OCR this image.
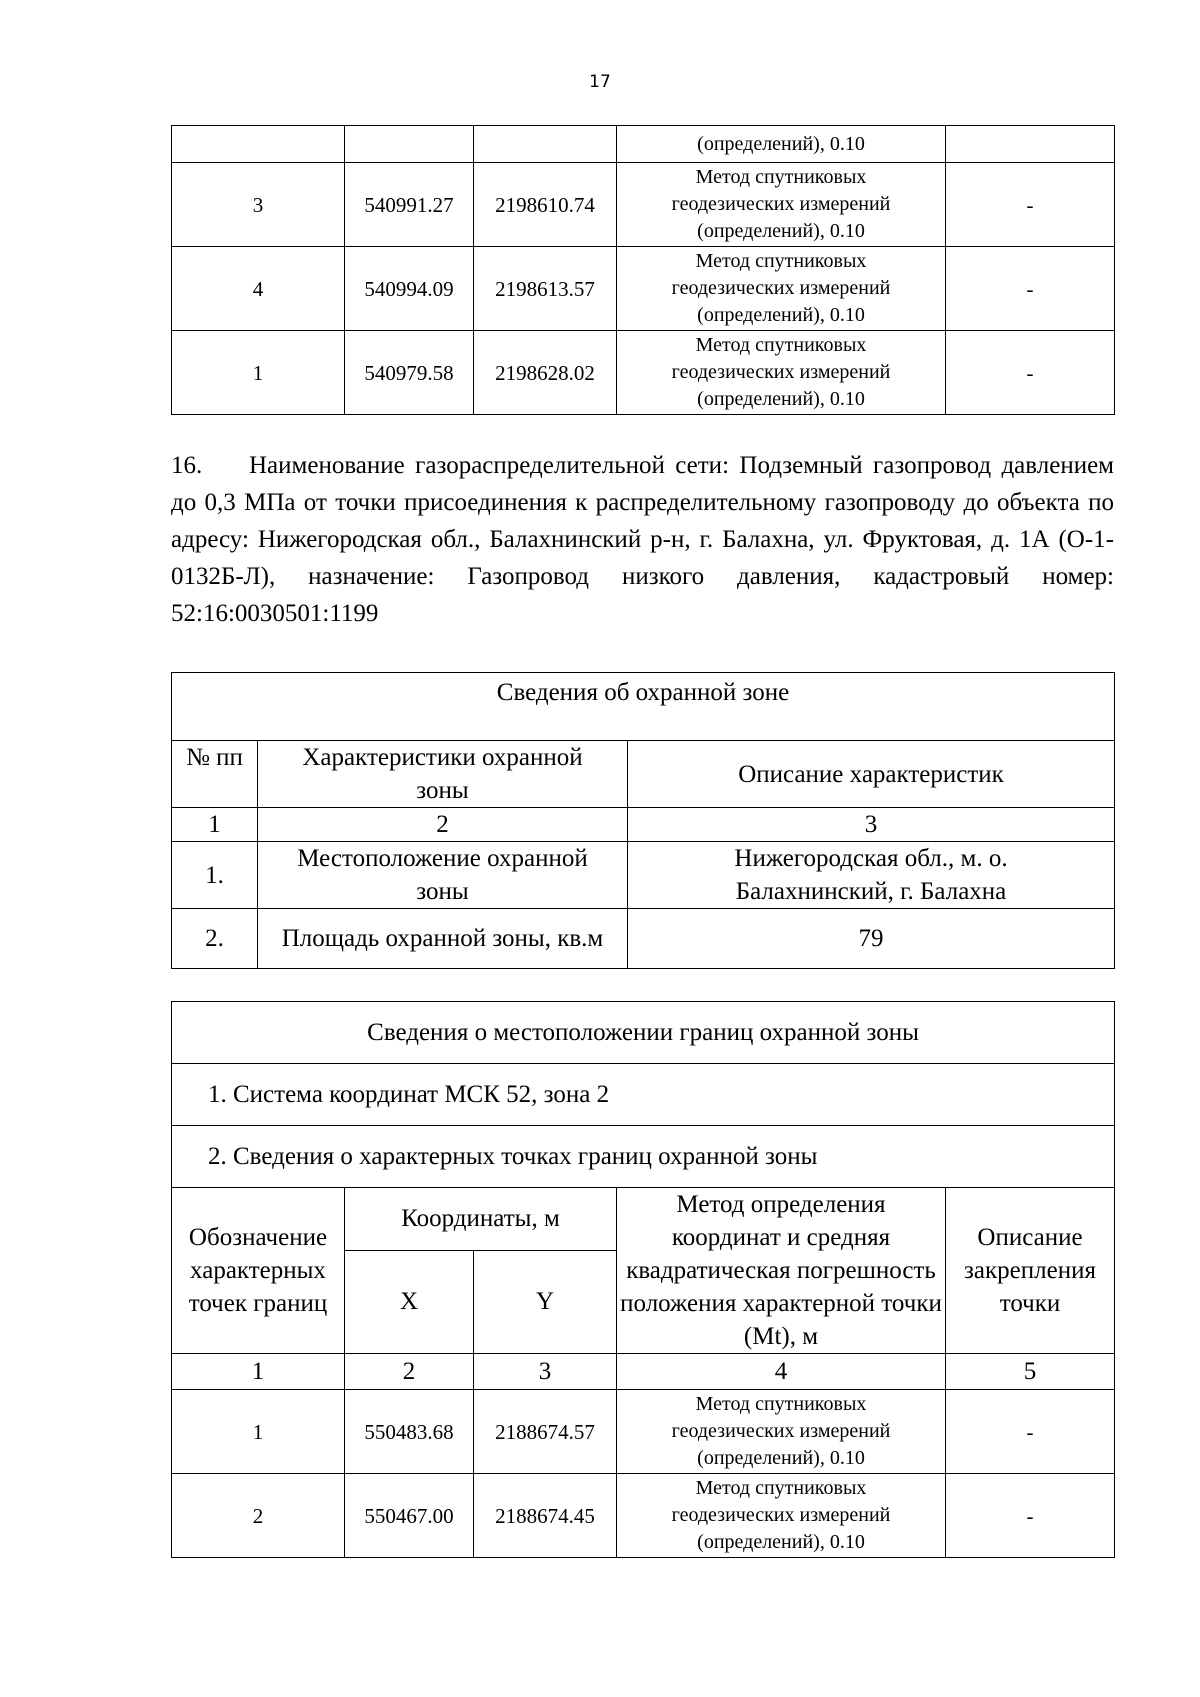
17
			(определений), 0.10	
3	540991.27	2198610.74	Метод спутниковых
геодезических измерений
(определений), 0.10	-
4	540994.09	2198613.57	Метод спутниковых
геодезических измерений
(определений), 0.10	-
1	540979.58	2198628.02	Метод спутниковых
геодезических измерений
(определений), 0.10	-

16. Наименование газораспределительной сети: Подземный газопровод давлением до 0,3 МПа от точки присоединения к распределительному газопроводу до объекта по адресу: Нижегородская обл., Балахнинский р-н, г. Балахна, ул. Фруктовая, д. 1А (О-1-0132Б-Л), назначение: Газопровод низкого давления, кадастровый номер: 52:16:0030501:1199

Сведения об охранной зоне		
№ пп	Характеристики охранной зоны	Описание характеристик
1	2	3
1.	Местоположение охранной зоны	Нижегородская обл., м. о. Балахнинский, г. Балахна
2.	Площадь охранной зоны, кв.м	79
Сведения о местоположении границ охранной зоны				
1. Система координат МСК 52, зона 2				
2. Сведения о характерных точках границ охранной зоны				
Обозначение характерных точек границ	Координаты, м		Метод определения координат и средняя квадратическая погрешность положения характерной точки (Mt), м	Описание закрепления точки
	X	Y		
1	2	3	4	5
1	550483.68	2188674.57	Метод спутниковых
геодезических измерений
(определений), 0.10	-
2	550467.00	2188674.45	Метод спутниковых
геодезических измерений
(определений), 0.10	-
